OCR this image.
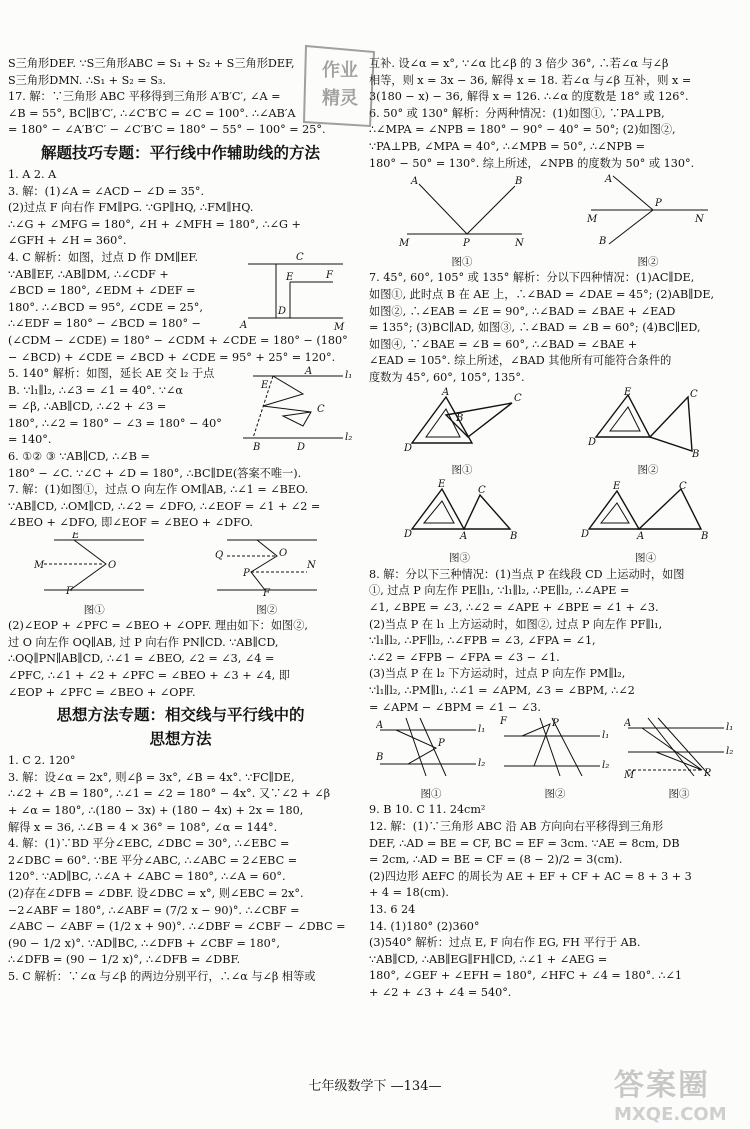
S三角形DEF. ∵S三角形ABC = S₁ + S₂ + S三角形DEF,
S三角形DMN. ∴S₁ + S₂ = S₃.
17. 解：∵三角形 ABC 平移得到三角形 A′B′C′, ∠A =
∠B = 55°, BC∥B′C′, ∴∠C′B′C = ∠C = 100°. ∴∠AB′A
= 180° − ∠A′B′C′ − ∠C′B′C = 180° − 55° − 100° = 25°.
解题技巧专题：平行线中作辅助线的方法
1. A 2. A
3. 解：(1)∠A = ∠ACD − ∠D = 35°.
(2)过点 F 向右作 FM∥PG. ∵GP∥HQ, ∴FM∥HQ.
∴∠G + ∠MFG = 180°, ∠H + ∠MFH = 180°, ∴∠G +
∠GFH + ∠H = 360°.
C
D
E	F
A	M
4. C 解析：如图，过点 D 作 DM∥EF.
∵AB∥EF, ∴AB∥DM, ∴∠CDF +
∠BCD = 180°, ∠EDM + ∠DEF =
180°. ∴∠BCD = 95°, ∠CDE = 25°,
∴∠EDF = 180° − ∠BCD = 180° −
(∠CDM − ∠CDE) = 180° − ∠CDM + ∠CDE = 180° − (180°
− ∠BCD) + ∠CDE = ∠BCD + ∠CDE = 95° + 25° = 120°.
l₁
l₂
E
A
B	D
C
5. 140° 解析：如图，延长 AE 交 l₂ 于点
B. ∵l₁∥l₂, ∴∠3 = ∠1 = 40°. ∵∠α
= ∠β, ∴AB∥CD, ∴∠2 + ∠3 =
180°, ∴∠2 = 180° − ∠3 = 180° − 40°
= 140°.
6. ①② ③ ∵AB∥CD, ∴∠B =
180° − ∠C. ∵∠C + ∠D = 180°, ∴BC∥DE(答案不唯一).
7. 解：(1)如图①，过点 O 向左作 OM∥AB, ∴∠1 = ∠BEO.
∵AB∥CD, ∴OM∥CD, ∴∠2 = ∠DFO, ∴∠EOF = ∠1 + ∠2 =
∠BEO + ∠DFO, 即∠EOF = ∠BEO + ∠DFO.
M
E
O
F
图①
Q	O
P
N
F
图②
(2)∠EOP + ∠PFC = ∠BEO + ∠OPF. 理由如下：如图②,
过 O 向左作 OQ∥AB, 过 P 向右作 PN∥CD. ∵AB∥CD,
∴OQ∥PN∥AB∥CD, ∴∠1 = ∠BEO, ∠2 = ∠3, ∠4 =
∠PFC, ∴∠1 + ∠2 + ∠PFC = ∠BEO + ∠3 + ∠4, 即
∠EOP + ∠PFC = ∠BEO + ∠OPF.
思想方法专题：相交线与平行线中的
思想方法
1. C 2. 120°
3. 解：设∠α = 2x°, 则∠β = 3x°, ∠B = 4x°. ∵FC∥DE,
∴∠2 + ∠B = 180°, ∴∠1 = ∠2 = 180° − 4x°. 又∵∠2 + ∠β
+ ∠α = 180°, ∴(180 − 3x) + (180 − 4x) + 2x = 180,
解得 x = 36, ∴∠B = 4 × 36° = 108°, ∠α = 144°.
4. 解：(1)∵BD 平分∠EBC, ∠DBC = 30°, ∴∠EBC =
2∠DBC = 60°. ∵BE 平分∠ABC, ∴∠ABC = 2∠EBC =
120°. ∵AD∥BC, ∴∠A + ∠ABC = 180°, ∴∠A = 60°.
(2)存在∠DFB = ∠DBF. 设∠DBC = x°, 则∠EBC = 2x°.
−2∠ABF = 180°, ∴∠ABF = (7/2 x − 90)°. ∴∠CBF =
∠ABC − ∠ABF = (1/2 x + 90)°. ∴∠DBF = ∠CBF − ∠DBC =
(90 − 1/2 x)°. ∵AD∥BC, ∴∠DFB + ∠CBF = 180°,
∴∠DFB = (90 − 1/2 x)°, ∴∠DFB = ∠DBF.
5. C 解析：∵∠α 与∠β 的两边分别平行，∴∠α 与∠β 相等或
互补. 设∠α = x°, ∵∠α 比∠β 的 3 倍少 36°, ∴若∠α 与∠β
相等，则 x = 3x − 36, 解得 x = 18. 若∠α 与∠β 互补，则 x =
3(180 − x) − 36, 解得 x = 126. ∴∠α 的度数是 18° 或 126°.
6. 50° 或 130° 解析：分两种情况：(1)如图①, ∵PA⊥PB,
∴∠MPA = ∠NPB = 180° − 90° − 40° = 50°; (2)如图②,
∵PA⊥PB, ∠MPA = 40°, ∴∠MPB = 50°, ∴∠NPB =
180° − 50° = 130°. 综上所述，∠NPB 的度数为 50° 或 130°.
A	B
M	P	N
图①
A
M
P
N
B
图②
7. 45°, 60°, 105° 或 135° 解析：分以下四种情况：(1)AC∥DE,
如图①, 此时点 B 在 AE 上，∴∠BAD = ∠DAE = 45°; (2)AB∥DE,
如图②, ∴∠EAB = ∠E = 90°, ∴∠BAD = ∠BAE + ∠EAD
= 135°; (3)BC∥AD, 如图③, ∴∠BAD = ∠B = 60°; (4)BC∥ED,
如图④, ∵∠BAE = ∠B = 60°, ∴∠BAD = ∠BAE +
∠EAD = 105°. 综上所述，∠BAD 其他所有可能符合条件的
度数为 45°, 60°, 105°, 135°.
D
A
C
B
图①
E
D
C
B
图②
E
D	A
C
B
图③
E
D	A
C
B
图④
8. 解：分以下三种情况：(1)当点 P 在线段 CD 上运动时，如图
①, 过点 P 向左作 PE∥l₁, ∵l₁∥l₂, ∴PE∥l₂, ∴∠APE =
∠1, ∠BPE = ∠3, ∴∠2 = ∠APE + ∠BPE = ∠1 + ∠3.
(2)当点 P 在 l₁ 上方运动时，如图②, 过点 P 向左作 PF∥l₁,
∵l₁∥l₂, ∴PF∥l₂, ∴∠FPB = ∠3, ∠FPA = ∠1,
∴∠2 = ∠FPB − ∠FPA = ∠3 − ∠1.
(3)当点 P 在 l₂ 下方运动时，过点 P 向左作 PM∥l₂,
∵l₁∥l₂, ∴PM∥l₁, ∴∠1 = ∠APM, ∠3 = ∠BPM, ∴∠2
= ∠APM − ∠BPM = ∠1 − ∠3.
A
B
l₁
l₂
P
图①
F	P
l₁
l₂
图②
A
M	P
l₁
l₂
图③
9. B 10. C 11. 24cm²
12. 解：(1)∵三角形 ABC 沿 AB 方向向右平移得到三角形
DEF, ∴AD = BE = CF, BC = EF = 3cm. ∵AE = 8cm, DB
= 2cm, ∴AD = BE = CF = (8 − 2)/2 = 3(cm).
(2)四边形 AEFC 的周长为 AE + EF + CF + AC = 8 + 3 + 3
+ 4 = 18(cm).
13. 6 24
14. (1)180° (2)360°
(3)540° 解析：过点 E, F 向右作 EG, FH 平行于 AB.
∵AB∥CD, ∴AB∥EG∥FH∥CD, ∴∠1 + ∠AEG =
180°, ∠GEF + ∠EFH = 180°, ∠HFC + ∠4 = 180°. ∴∠1
+ ∠2 + ∠3 + ∠4 = 540°.
作业
精灵
七年级数学下 —134—	答案圈
MXQE.COM
